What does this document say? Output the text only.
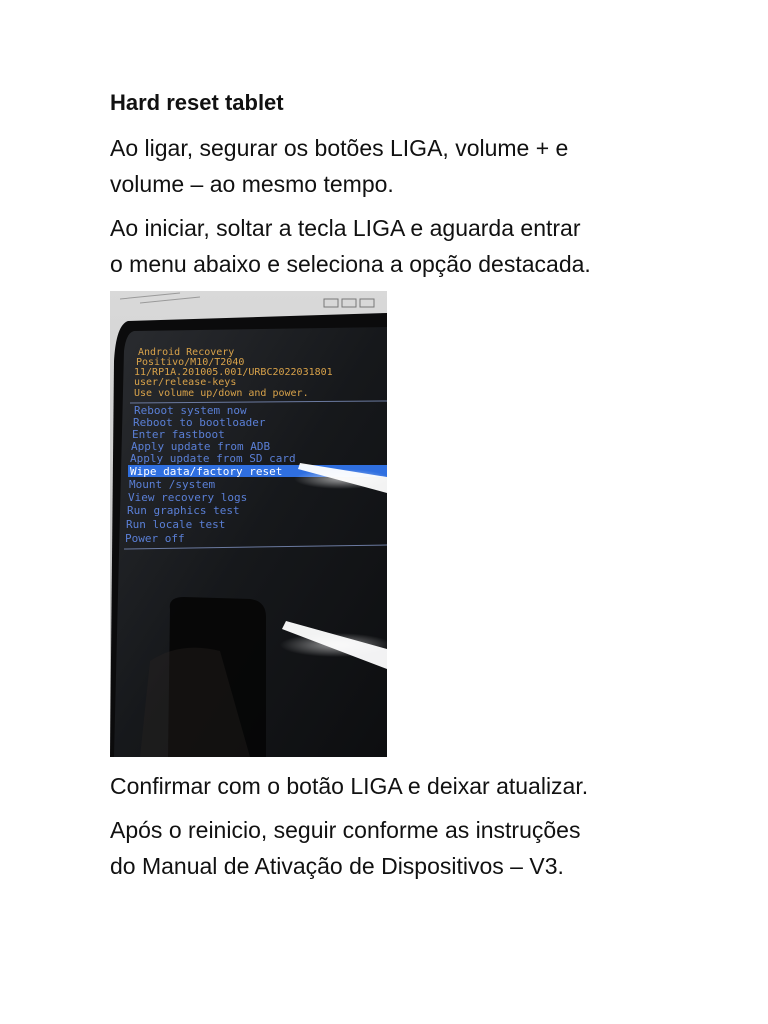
Hard reset tablet

Ao ligar, segurar os botões LIGA, volume + e
volume – ao mesmo tempo.

Ao iniciar, soltar a tecla LIGA e aguarda entrar
o menu abaixo e seleciona a opção destacada.

Android Recovery
Positivo/M10/T2040
11/RP1A.201005.001/URBC2022031801
user/release-keys
Use volume up/down and power.
Reboot system now
Reboot to bootloader
Enter fastboot
Apply update from ADB
Apply update from SD card
Wipe data/factory reset
Mount /system
View recovery logs
Run graphics test
Run locale test
Power off

Confirmar com o botão LIGA e deixar atualizar.

Após o reinicio, seguir conforme as instruções
do Manual de Ativação de Dispositivos – V3.
